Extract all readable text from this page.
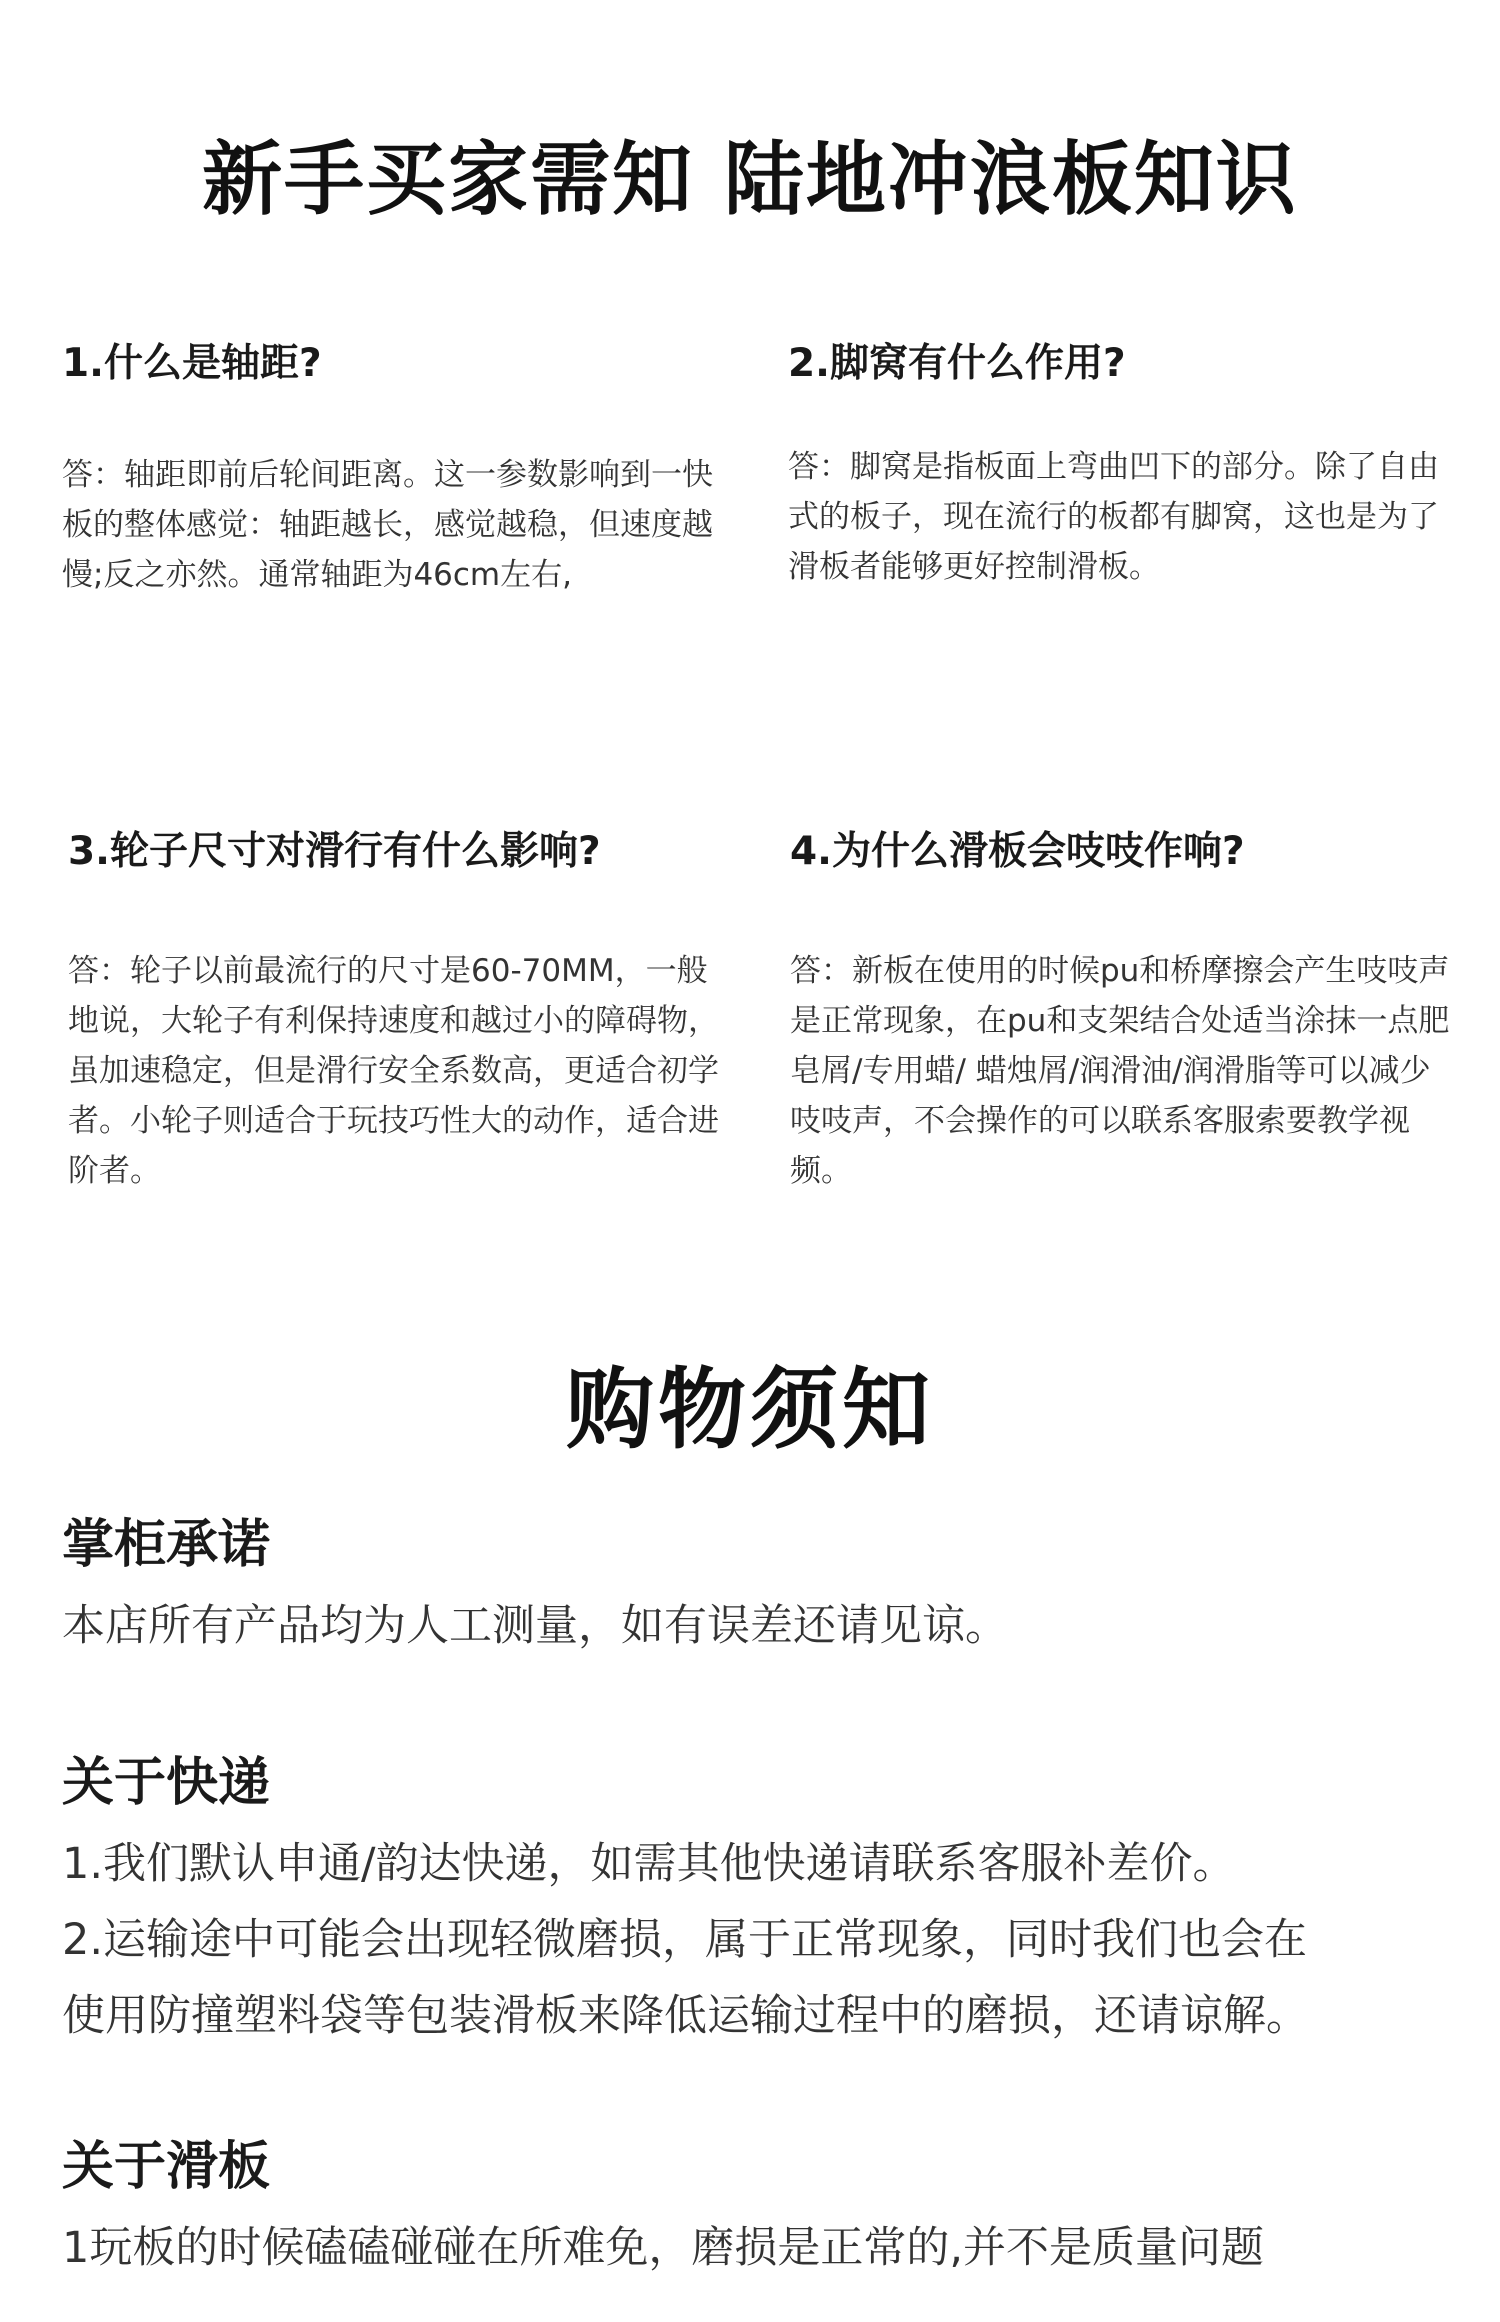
新手买家需知 陆地冲浪板知识

1.什么是轴距?

答：轴距即前后轮间距离。这一参数影响到一快板的整体感觉：轴距越长，感觉越稳，但速度越慢;反之亦然。通常轴距为46cm左右,

2.脚窝有什么作用?

答：脚窝是指板面上弯曲凹下的部分。除了自由式的板子，现在流行的板都有脚窝，这也是为了滑板者能够更好控制滑板。

3.轮子尺寸对滑行有什么影响?

答：轮子以前最流行的尺寸是60-70MM，一般地说，大轮子有利保持速度和越过小的障碍物，虽加速稳定，但是滑行安全系数高，更适合初学者。小轮子则适合于玩技巧性大的动作，适合进阶者。

4.为什么滑板会吱吱作响?

答：新板在使用的时候pu和桥摩擦会产生吱吱声是正常现象，在pu和支架结合处适当涂抹一点肥皂屑/专用蜡/ 蜡烛屑/润滑油/润滑脂等可以减少吱吱声，不会操作的可以联系客服索要教学视频。

购物须知

掌柜承诺

本店所有产品均为人工测量，如有误差还请见谅。

关于快递

1.我们默认申通/韵达快递，如需其他快递请联系客服补差价。

2.运输途中可能会出现轻微磨损，属于正常现象，同时我们也会在

使用防撞塑料袋等包装滑板来降低运输过程中的磨损，还请谅解。

关于滑板

1玩板的时候磕磕碰碰在所难免，磨损是正常的,并不是质量问题
